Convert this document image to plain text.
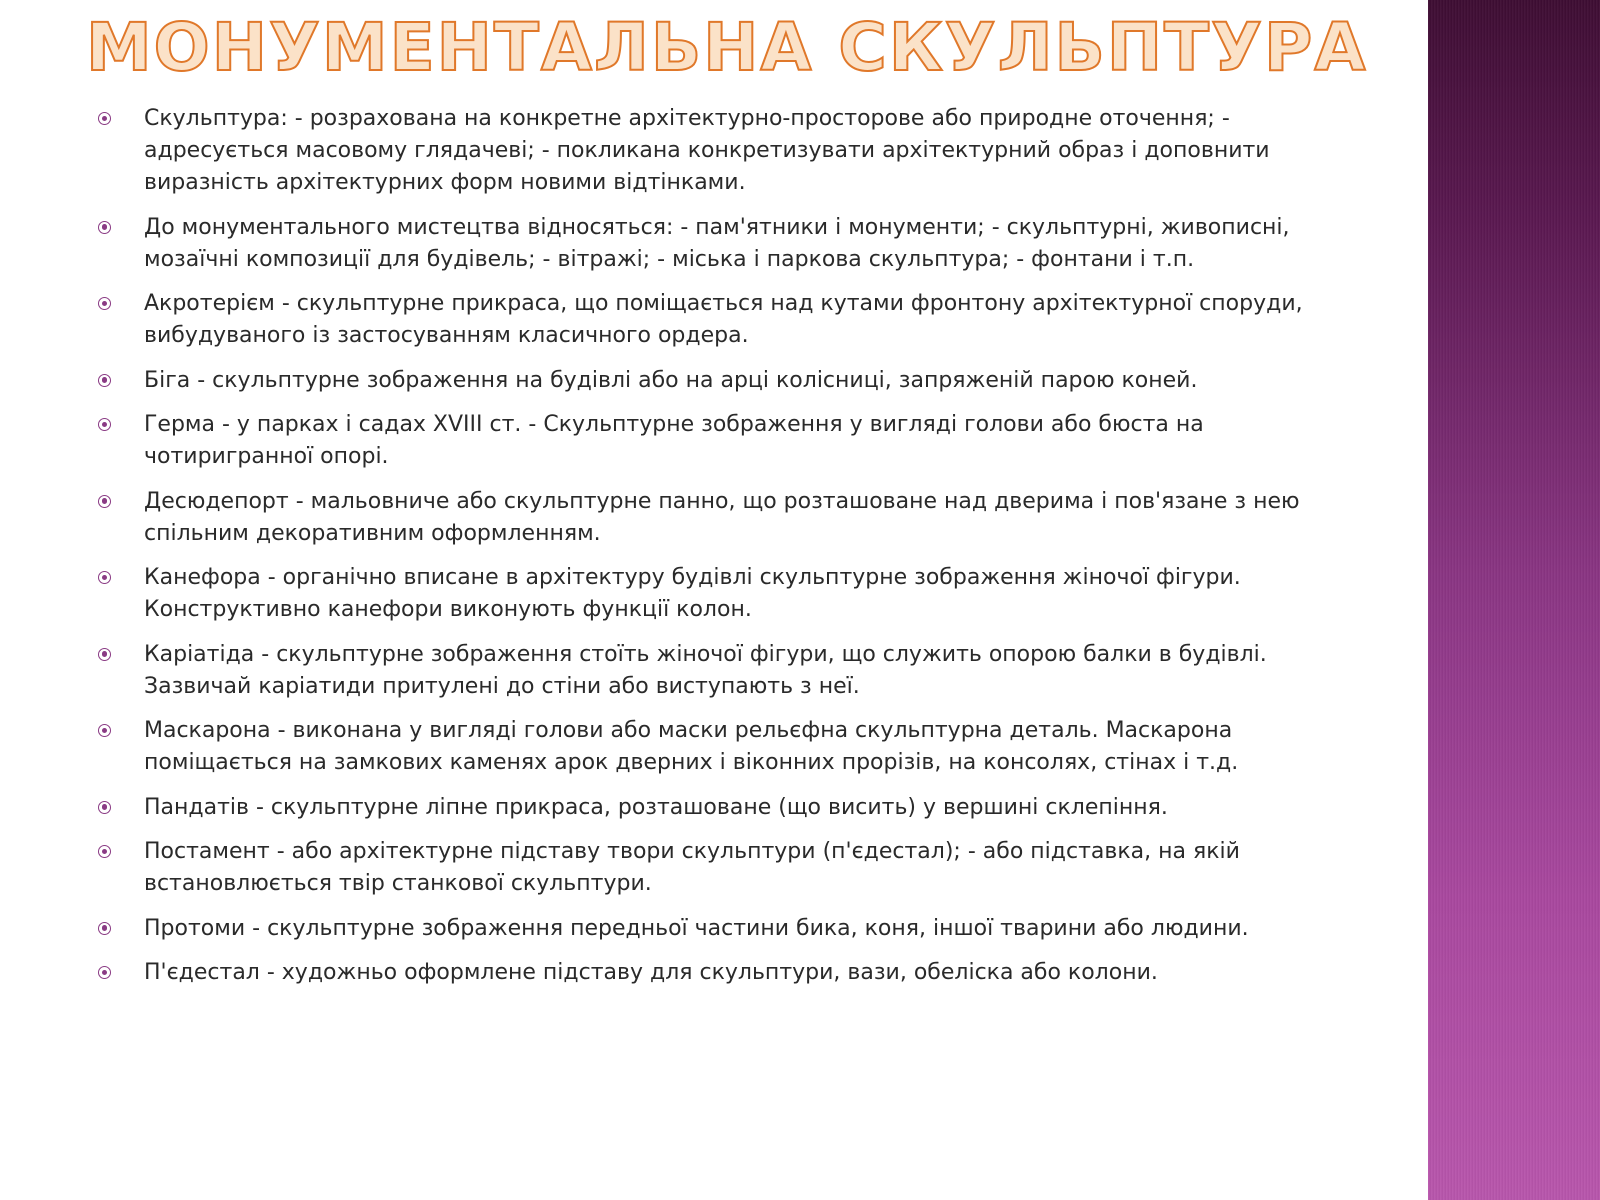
МОНУМЕНТАЛЬНА СКУЛЬПТУРА
Скульптура: - розрахована на конкретне архітектурно-просторове або природне оточення; - адресується масовому глядачеві; - покликана конкретизувати архітектурний образ і доповнити виразність архітектурних форм новими відтінками.
До монументального мистецтва відносяться: - пам'ятники і монументи; - скульптурні, живописні, мозаїчні композиції для будівель; - вітражі; - міська і паркова скульптура; - фонтани і т.п.
Акротерієм - скульптурне прикраса, що поміщається над кутами фронтону архітектурної споруди, вибудуваного із застосуванням класичного ордера.
Біга - скульптурне зображення на будівлі або на арці колісниці, запряженій парою коней.
Герма - у парках і садах XVIII ст. - Скульптурне зображення у вигляді голови або бюста на чотиригранної опорі.
Десюдепорт - мальовниче або скульптурне панно, що розташоване над дверима і пов'язане з нею спільним декоративним оформленням.
Канефора - органічно вписане в архітектуру будівлі скульптурне зображення жіночої фігури. Конструктивно канефори виконують функції колон.
Каріатіда - скульптурне зображення стоїть жіночої фігури, що служить опорою балки в будівлі. Зазвичай каріатиди притулені до стіни або виступають з неї.
Маскарона - виконана у вигляді голови або маски рельєфна скульптурна деталь. Маскарона поміщається на замкових каменях арок дверних і віконних прорізів, на консолях, стінах і т.д.
Пандатів - скульптурне ліпне прикраса, розташоване (що висить) у вершині склепіння.
Постамент - або архітектурне підставу твори скульптури (п'єдестал); - або підставка, на якій встановлюється твір станкової скульптури.
Протоми - скульптурне зображення передньої частини бика, коня, іншої тварини або людини.
П'єдестал - художньо оформлене підставу для скульптури, вази, обеліска або колони.
